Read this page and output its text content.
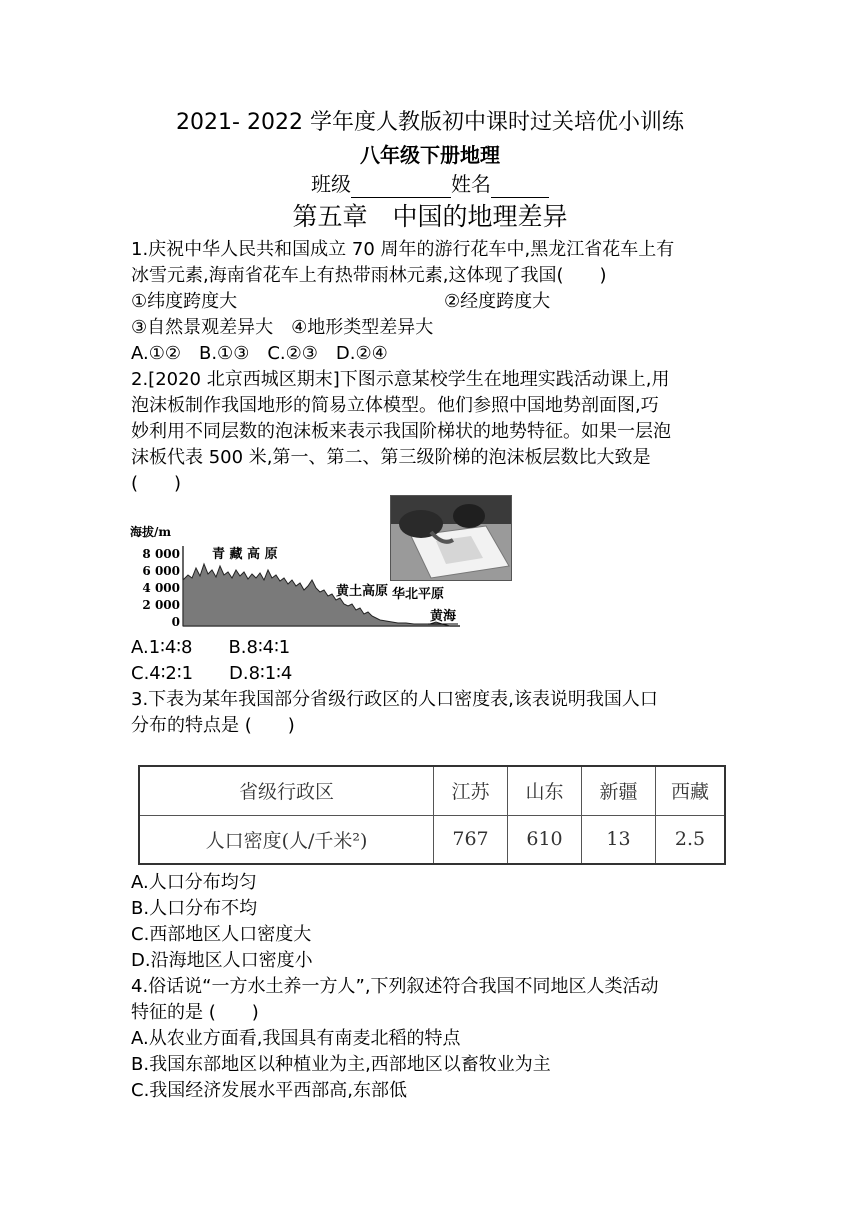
2021- 2022 学年度人教版初中课时过关培优小训练
八年级下册地理
班级	姓名
第五章　中国的地理差异
1.庆祝中华人民共和国成立 70 周年的游行花车中,黑龙江省花车上有
冰雪元素,海南省花车上有热带雨林元素,这体现了我国(　　)
①纬度跨度大	②经度跨度大
③自然景观差异大　④地形类型差异大
A.①②　B.①③　C.②③　D.②④
2.[2020 北京西城区期末]下图示意某校学生在地理实践活动课上,用
泡沫板制作我国地形的简易立体模型。他们参照中国地势剖面图,巧
妙利用不同层数的泡沫板来表示我国阶梯状的地势特征。如果一层泡
沫板代表 500 米,第一、第二、第三级阶梯的泡沫板层数比大致是
(　　)
海拔/m
8 000
6 000
4 000
2 000
0
青 藏 高 原
黄土高原 华北平原
黄海
A.1∶4∶8　　B.8∶4∶1
C.4∶2∶1　　D.8∶1∶4
3.下表为某年我国部分省级行政区的人口密度表,该表说明我国人口
分布的特点是 (　　)
省级行政区	江苏	山东	新疆	西藏
人口密度(人/千米²)	767	610	13	2.5
A.人口分布均匀
B.人口分布不均
C.西部地区人口密度大
D.沿海地区人口密度小
4.俗话说“一方水土养一方人”,下列叙述符合我国不同地区人类活动
特征的是 (　　)
A.从农业方面看,我国具有南麦北稻的特点
B.我国东部地区以种植业为主,西部地区以畜牧业为主
C.我国经济发展水平西部高,东部低
